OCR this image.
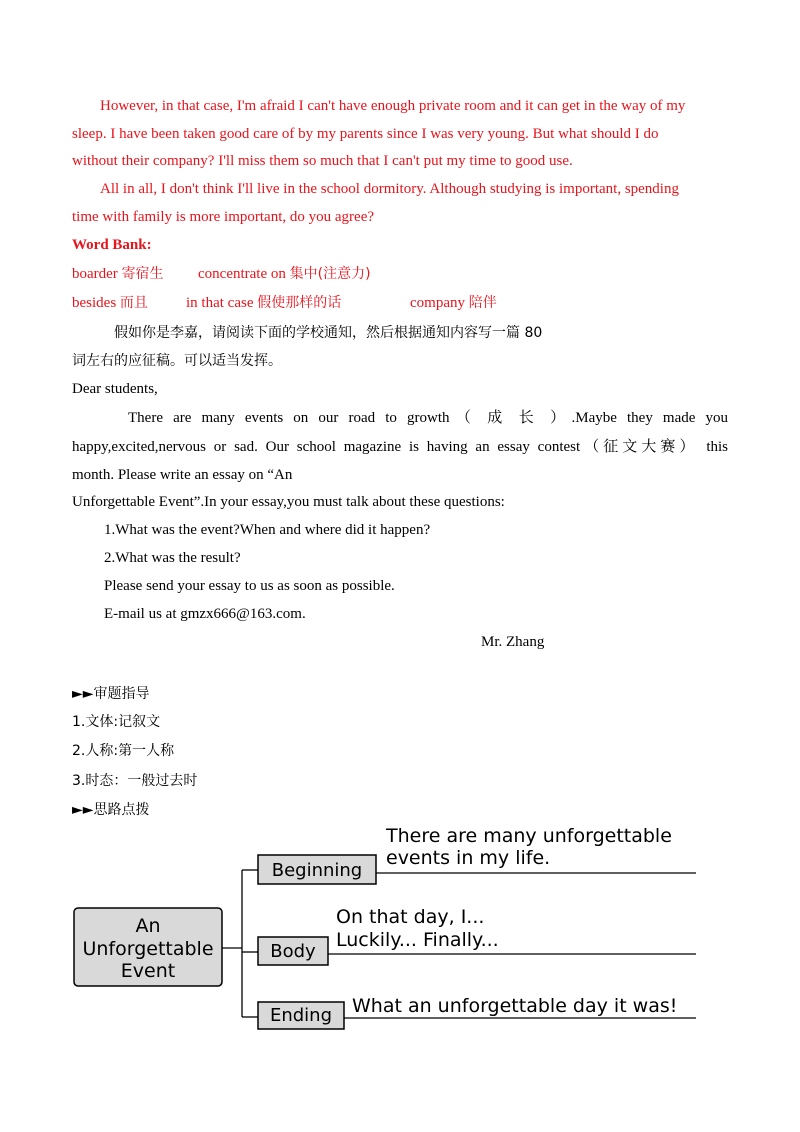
However, in that case, I'm afraid I can't have enough private room and it can get in the way of my
sleep. I have been taken good care of by my parents since I was very young. But what should I do
without their company? I'll miss them so much that I can't put my time to good use.
All in all, I don't think I'll live in the school dormitory. Although studying is important, spending
time with family is more important, do you agree?
Word Bank:
boarder 寄宿生 concentrate on 集中(注意力)
besides 而且	in that case 假使那样的话	company 陪伴
假如你是李嘉，请阅读下面的学校通知，然后根据通知内容写一篇 80
词左右的应征稿。可以适当发挥。
Dear students,
There are many events on our road to growth（ 成 长 ）.Maybe they made you
happy,excited,nervous or sad. Our school magazine is having an essay contest（征文大赛） this
month. Please write an essay on “An
Unforgettable Event”.In your essay,you must talk about these questions:
1.What was the event?When and where did it happen?
2.What was the result?
Please send your essay to us as soon as possible.
E-mail us at gmzx666@163.com.
Mr. Zhang
►►审题指导
1.文体:记叙文
2.人称:第一人称
3.时态：一般过去时
►►思路点拨
An
Unforgettable
Event
Beginning
There are many unforgettable
events in my life.
Body
On that day, I...
Luckily... Finally...
Ending What an unforgettable day it was!
